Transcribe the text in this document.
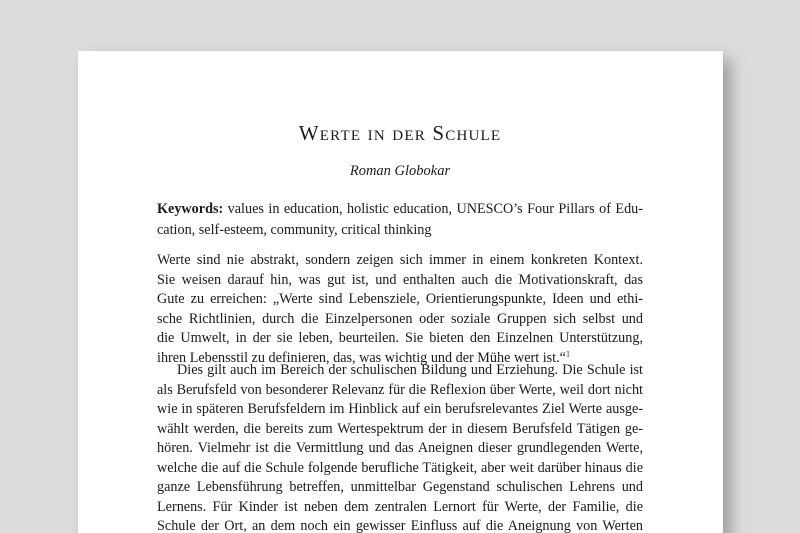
Werte in der Schule
Roman Globokar

Keywords: values in education, holistic education, UNESCO’s Four Pillars of Edu-
cation, self-esteem, community, critical thinking

Werte sind nie abstrakt, sondern zeigen sich immer in einem konkreten Kontext.
Sie weisen darauf hin, was gut ist, und enthalten auch die Motivationskraft, das
Gute zu erreichen: „Werte sind Lebensziele, Orientierungspunkte, Ideen und ethi-
sche Richtlinien, durch die Einzelpersonen oder soziale Gruppen sich selbst und
die Umwelt, in der sie leben, beurteilen. Sie bieten den Einzelnen Unterstützung,
ihren Lebensstil zu definieren, das, was wichtig und der Mühe wert ist.“$^1$

Dies gilt auch im Bereich der schulischen Bildung und Erziehung. Die Schule ist
als Berufsfeld von besonderer Relevanz für die Reflexion über Werte, weil dort nicht
wie in späteren Berufsfeldern im Hinblick auf ein berufsrelevantes Ziel Werte ausge-
wählt werden, die bereits zum Wertespektrum der in diesem Berufsfeld Tätigen ge-
hören. Vielmehr ist die Vermittlung und das Aneignen dieser grundlegenden Werte,
welche die auf die Schule folgende berufliche Tätigkeit, aber weit darüber hinaus die
ganze Lebensführung betreffen, unmittelbar Gegenstand schulischen Lehrens und
Lernens. Für Kinder ist neben dem zentralen Lernort für Werte, der Familie, die
Schule der Ort, an dem noch ein gewisser Einfluss auf die Aneignung von Werten
